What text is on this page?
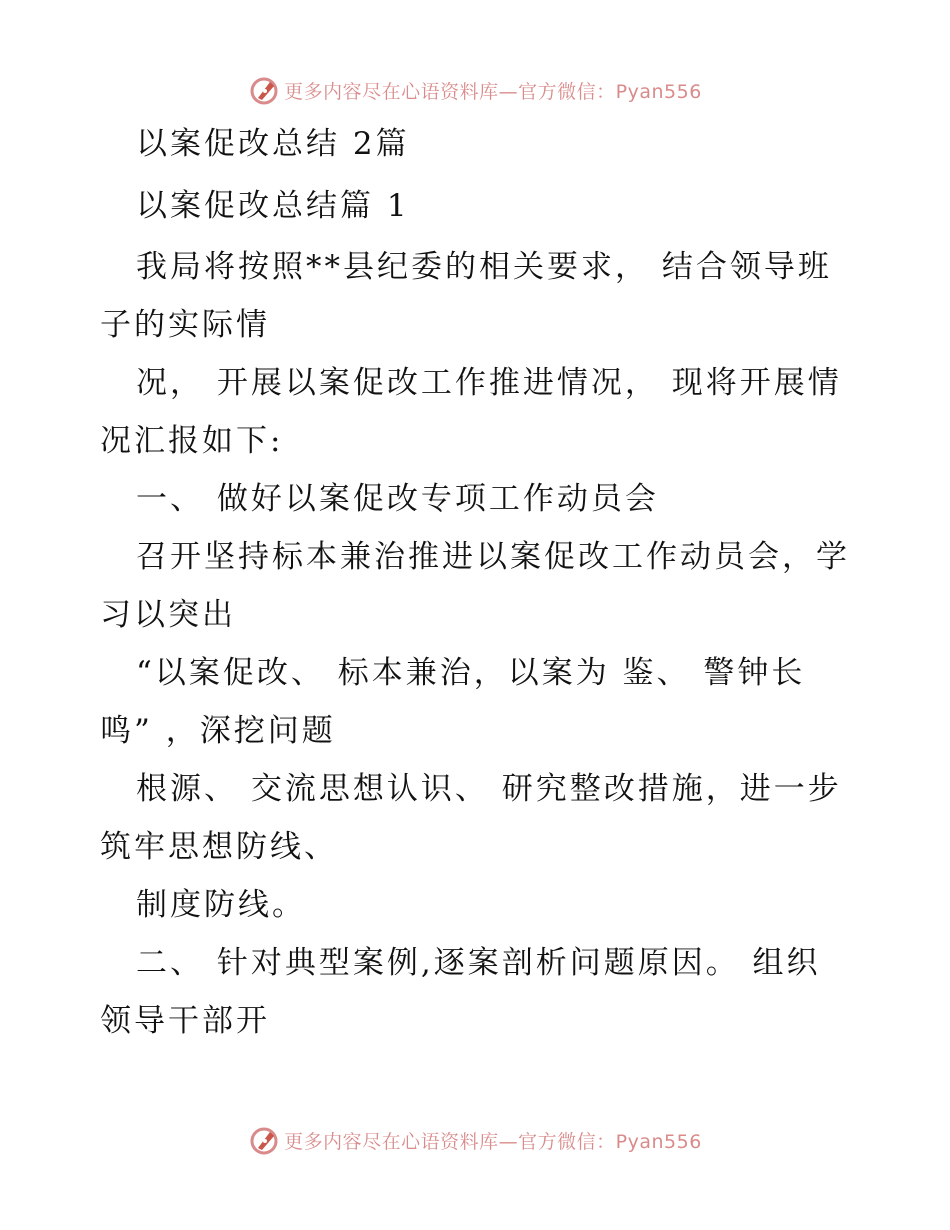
更多内容尽在心语资料库—官方微信：Pyan556
以案促改总结 2篇
以案促改总结篇 1
我局将按照**县纪委的相关要求， 结合领导班
子的实际情
况， 开展以案促改工作推进情况， 现将开展情
况汇报如下:
一、 做好以案促改专项工作动员会
召开坚持标本兼治推进以案促改工作动员会，学
习以突出
“以案促改、 标本兼治，以案为 鉴、 警钟长
鸣” ，深挖问题
根源、 交流思想认识、 研究整改措施，进一步
筑牢思想防线、
制度防线。
二、 针对典型案例,逐案剖析问题原因。 组织
领导干部开
更多内容尽在心语资料库—官方微信：Pyan556
